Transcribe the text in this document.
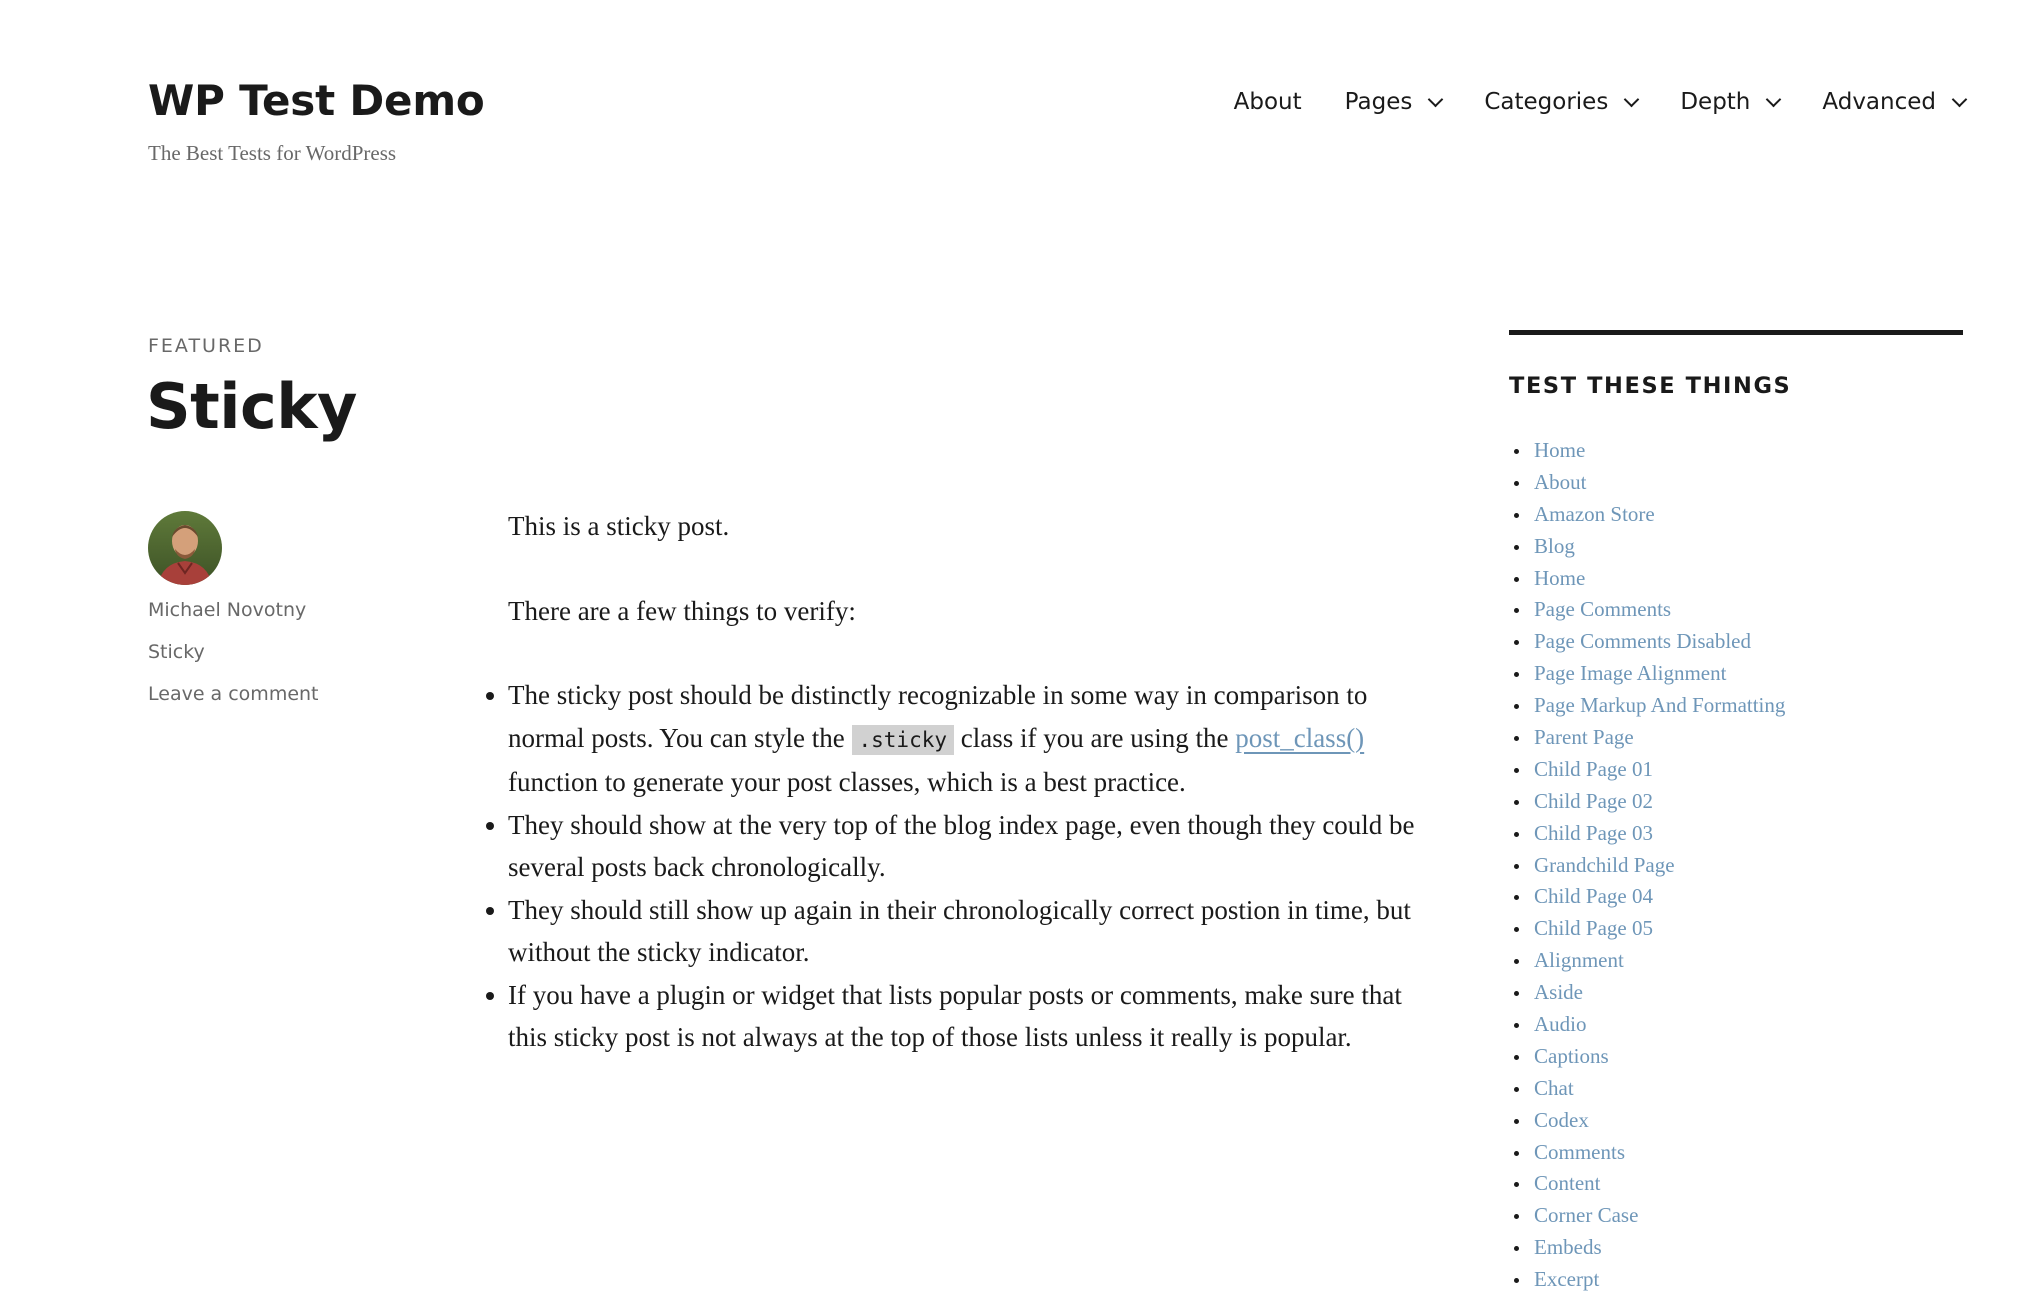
WP Test Demo
The Best Tests for WordPress
About Pages	Categories	Depth	Advanced
FEATURED
Sticky
Michael Novotny
Sticky
Leave a comment

This is a sticky post.

There are a few things to verify:

The sticky post should be distinctly recognizable in some way in comparison to normal posts. You can style the .sticky class if you are using the post_class() function to generate your post classes, which is a best practice.
They should show at the very top of the blog index page, even though they could be several posts back chronologically.
They should still show up again in their chronologically correct postion in time, but without the sticky indicator.
If you have a plugin or widget that lists popular posts or comments, make sure that this sticky post is not always at the top of those lists unless it really is popular.
TEST THESE THINGS
Home
About
Amazon Store
Blog
Home
Page Comments
Page Comments Disabled
Page Image Alignment
Page Markup And Formatting
Parent Page
Child Page 01
Child Page 02
Child Page 03
Grandchild Page
Child Page 04
Child Page 05
Alignment
Aside
Audio
Captions
Chat
Codex
Comments
Content
Corner Case
Embeds
Excerpt
